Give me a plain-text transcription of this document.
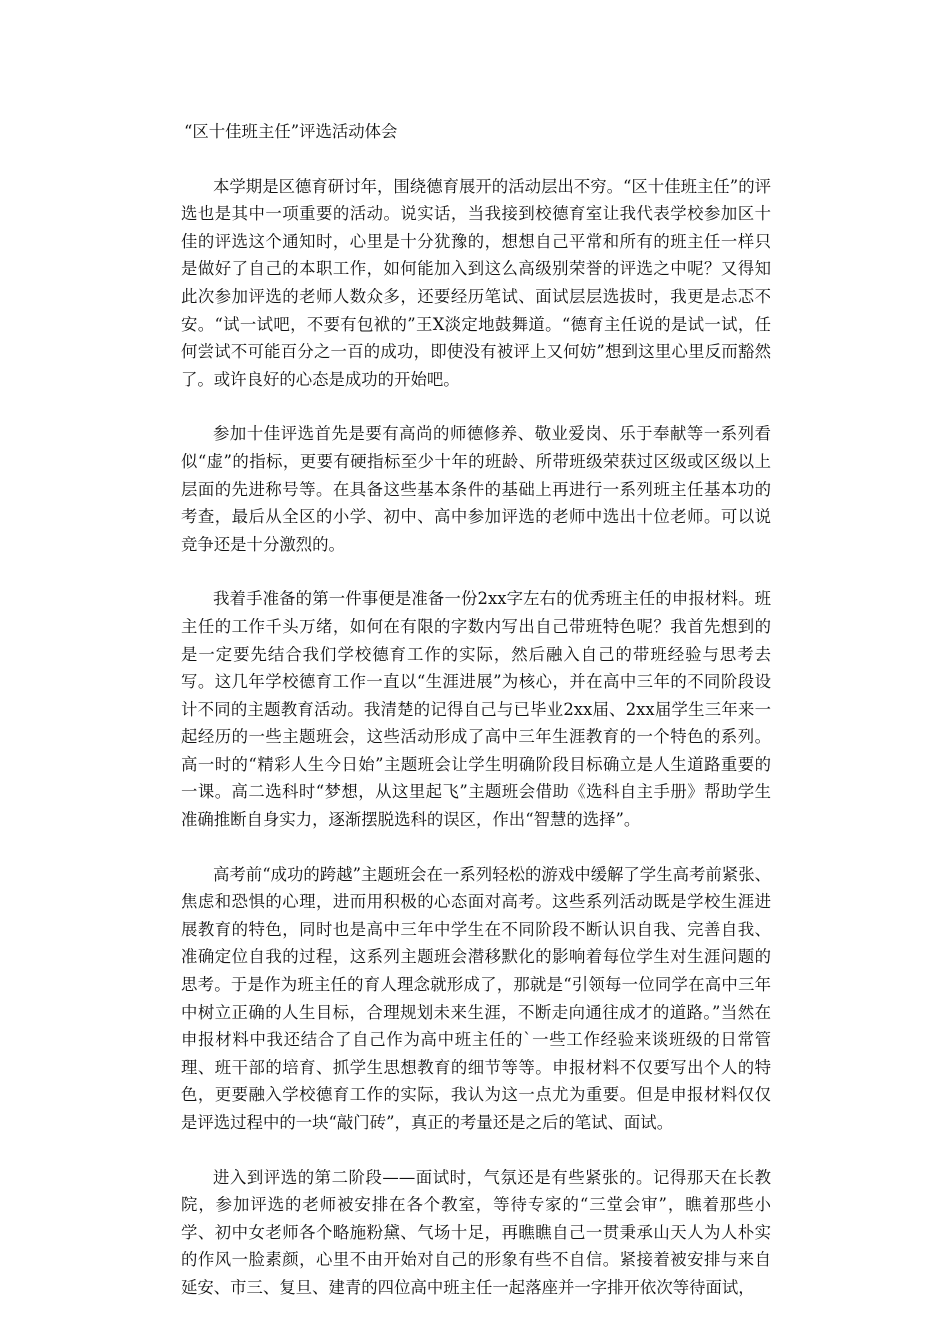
“区十佳班主任”评选活动体会

本学期是区德育研讨年，围绕德育展开的活动层出不穷。“区十佳班主任”的评选也是其中一项重要的活动。说实话，当我接到校德育室让我代表学校参加区十佳的评选这个通知时，心里是十分犹豫的，想想自己平常和所有的班主任一样只是做好了自己的本职工作，如何能加入到这么高级别荣誉的评选之中呢？又得知此次参加评选的老师人数众多，还要经历笔试、面试层层选拔时，我更是忐忑不安。“试一试吧，不要有包袱的”王X淡定地鼓舞道。“德育主任说的是试一试，任何尝试不可能百分之一百的成功，即使没有被评上又何妨”想到这里心里反而豁然了。或许良好的心态是成功的开始吧。

参加十佳评选首先是要有高尚的师德修养、敬业爱岗、乐于奉献等一系列看似“虚”的指标，更要有硬指标至少十年的班龄、所带班级荣获过区级或区级以上层面的先进称号等。在具备这些基本条件的基础上再进行一系列班主任基本功的考查，最后从全区的小学、初中、高中参加评选的老师中选出十位老师。可以说竞争还是十分激烈的。

我着手准备的第一件事便是准备一份2xx字左右的优秀班主任的申报材料。班主任的工作千头万绪，如何在有限的字数内写出自己带班特色呢？我首先想到的是一定要先结合我们学校德育工作的实际，然后融入自己的带班经验与思考去写。这几年学校德育工作一直以“生涯进展”为核心，并在高中三年的不同阶段设计不同的主题教育活动。我清楚的记得自己与已毕业2xx届、2xx届学生三年来一起经历的一些主题班会，这些活动形成了高中三年生涯教育的一个特色的系列。高一时的“精彩人生今日始”主题班会让学生明确阶段目标确立是人生道路重要的一课。高二选科时“梦想，从这里起飞”主题班会借助《选科自主手册》帮助学生准确推断自身实力，逐渐摆脱选科的误区，作出“智慧的选择”。

高考前“成功的跨越”主题班会在一系列轻松的游戏中缓解了学生高考前紧张、焦虑和恐惧的心理，进而用积极的心态面对高考。这些系列活动既是学校生涯进展教育的特色，同时也是高中三年中学生在不同阶段不断认识自我、完善自我、准确定位自我的过程，这系列主题班会潜移默化的影响着每位学生对生涯问题的思考。于是作为班主任的育人理念就形成了，那就是“引领每一位同学在高中三年中树立正确的人生目标，合理规划未来生涯，不断走向通往成才的道路。”当然在申报材料中我还结合了自己作为高中班主任的`一些工作经验来谈班级的日常管理、班干部的培育、抓学生思想教育的细节等等。申报材料不仅要写出个人的特色，更要融入学校德育工作的实际，我认为这一点尤为重要。但是申报材料仅仅是评选过程中的一块“敲门砖”，真正的考量还是之后的笔试、面试。

进入到评选的第二阶段——面试时，气氛还是有些紧张的。记得那天在长教院，参加评选的老师被安排在各个教室，等待专家的“三堂会审”，瞧着那些小学、初中女老师各个略施粉黛、气场十足，再瞧瞧自己一贯秉承山天人为人朴实的作风一脸素颜，心里不由开始对自己的形象有些不自信。紧接着被安排与来自延安、市三、复旦、建青的四位高中班主任一起落座并一字排开依次等待面试，
